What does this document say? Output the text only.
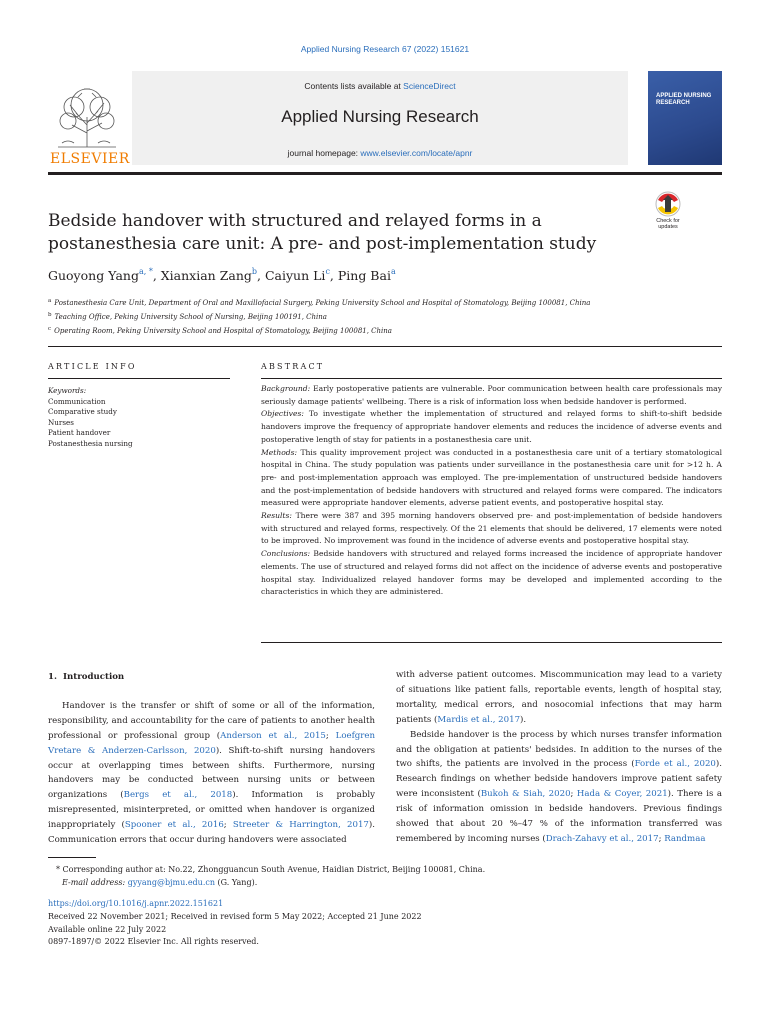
Applied Nursing Research 67 (2022) 151621
ELSEVIER
Contents lists available at ScienceDirect
Applied Nursing Research
journal homepage: www.elsevier.com/locate/apnr
APPLIED NURSING RESEARCH
Check for updates
Bedside handover with structured and relayed forms in a postanesthesia care unit: A pre- and post-implementation study
Guoyong Yang$^{a, *}$, Xianxian Zang$^b$, Caiyun Li$^c$, Ping Bai$^a$
$^a$ Postanesthesia Care Unit, Department of Oral and Maxillofacial Surgery, Peking University School and Hospital of Stomatology, Beijing 100081, China
$^b$ Teaching Office, Peking University School of Nursing, Beijing 100191, China
$^c$ Operating Room, Peking University School and Hospital of Stomatology, Beijing 100081, China
ARTICLE INFO
Keywords:
Communication
Comparative study
Nurses
Patient handover
Postanesthesia nursing
ABSTRACT

Background: Early postoperative patients are vulnerable. Poor communication between health care professionals may seriously damage patients' wellbeing. There is a risk of information loss when bedside handover is performed.

Objectives: To investigate whether the implementation of structured and relayed forms to shift-to-shift bedside handovers improve the frequency of appropriate handover elements and reduces the incidence of adverse events and postoperative length of stay for patients in a postanesthesia care unit.

Methods: This quality improvement project was conducted in a postanesthesia care unit of a tertiary stomatological hospital in China. The study population was patients under surveillance in the postanesthesia care unit for >12 h. A pre- and post-implementation approach was employed. The pre-implementation of unstructured bedside handovers and the post-implementation of bedside handovers with structured and relayed forms were compared. The indicators measured were appropriate handover elements, adverse patient events, and postoperative hospital stay.

Results: There were 387 and 395 morning handovers observed pre- and post-implementation of bedside handovers with structured and relayed forms, respectively. Of the 21 elements that should be delivered, 17 elements were noted to be improved. No improvement was found in the incidence of adverse events and postoperative hospital stay.

Conclusions: Bedside handovers with structured and relayed forms increased the incidence of appropriate handover elements. The use of structured and relayed forms did not affect on the incidence of adverse events and postoperative hospital stay. Individualized relayed handover forms may be developed and implemented according to the characteristics in which they are administered.

1. Introduction

Handover is the transfer or shift of some or all of the information, responsibility, and accountability for the care of patients to another health professional or professional group (Anderson et al., 2015; Loefgren Vretare & Anderzen-Carlsson, 2020). Shift-to-shift nursing handovers occur at overlapping times between shifts. Furthermore, nursing handovers may be conducted between nursing units or between organizations (Bergs et al., 2018). Information is probably misrepresented, misinterpreted, or omitted when handover is organized inappropriately (Spooner et al., 2016; Streeter & Harrington, 2017). Communication errors that occur during handovers were associated

with adverse patient outcomes. Miscommunication may lead to a variety of situations like patient falls, reportable events, length of hospital stay, mortality, medical errors, and nosocomial infections that may harm patients (Mardis et al., 2017).

Bedside handover is the process by which nurses transfer information and the obligation at patients' bedsides. In addition to the nurses of the two shifts, the patients are involved in the process (Forde et al., 2020). Research findings on whether bedside handovers improve patient safety were inconsistent (Bukoh & Siah, 2020; Hada & Coyer, 2021). There is a risk of information omission in bedside handovers. Previous findings showed that about 20 %–47 % of the information transferred was remembered by incoming nurses (Drach-Zahavy et al., 2017; Randmaa

* Corresponding author at: No.22, Zhongguancun South Avenue, Haidian District, Beijing 100081, China.
E-mail address: gyyang@bjmu.edu.cn (G. Yang).
https://doi.org/10.1016/j.apnr.2022.151621
Received 22 November 2021; Received in revised form 5 May 2022; Accepted 21 June 2022
Available online 22 July 2022
0897-1897/© 2022 Elsevier Inc. All rights reserved.
